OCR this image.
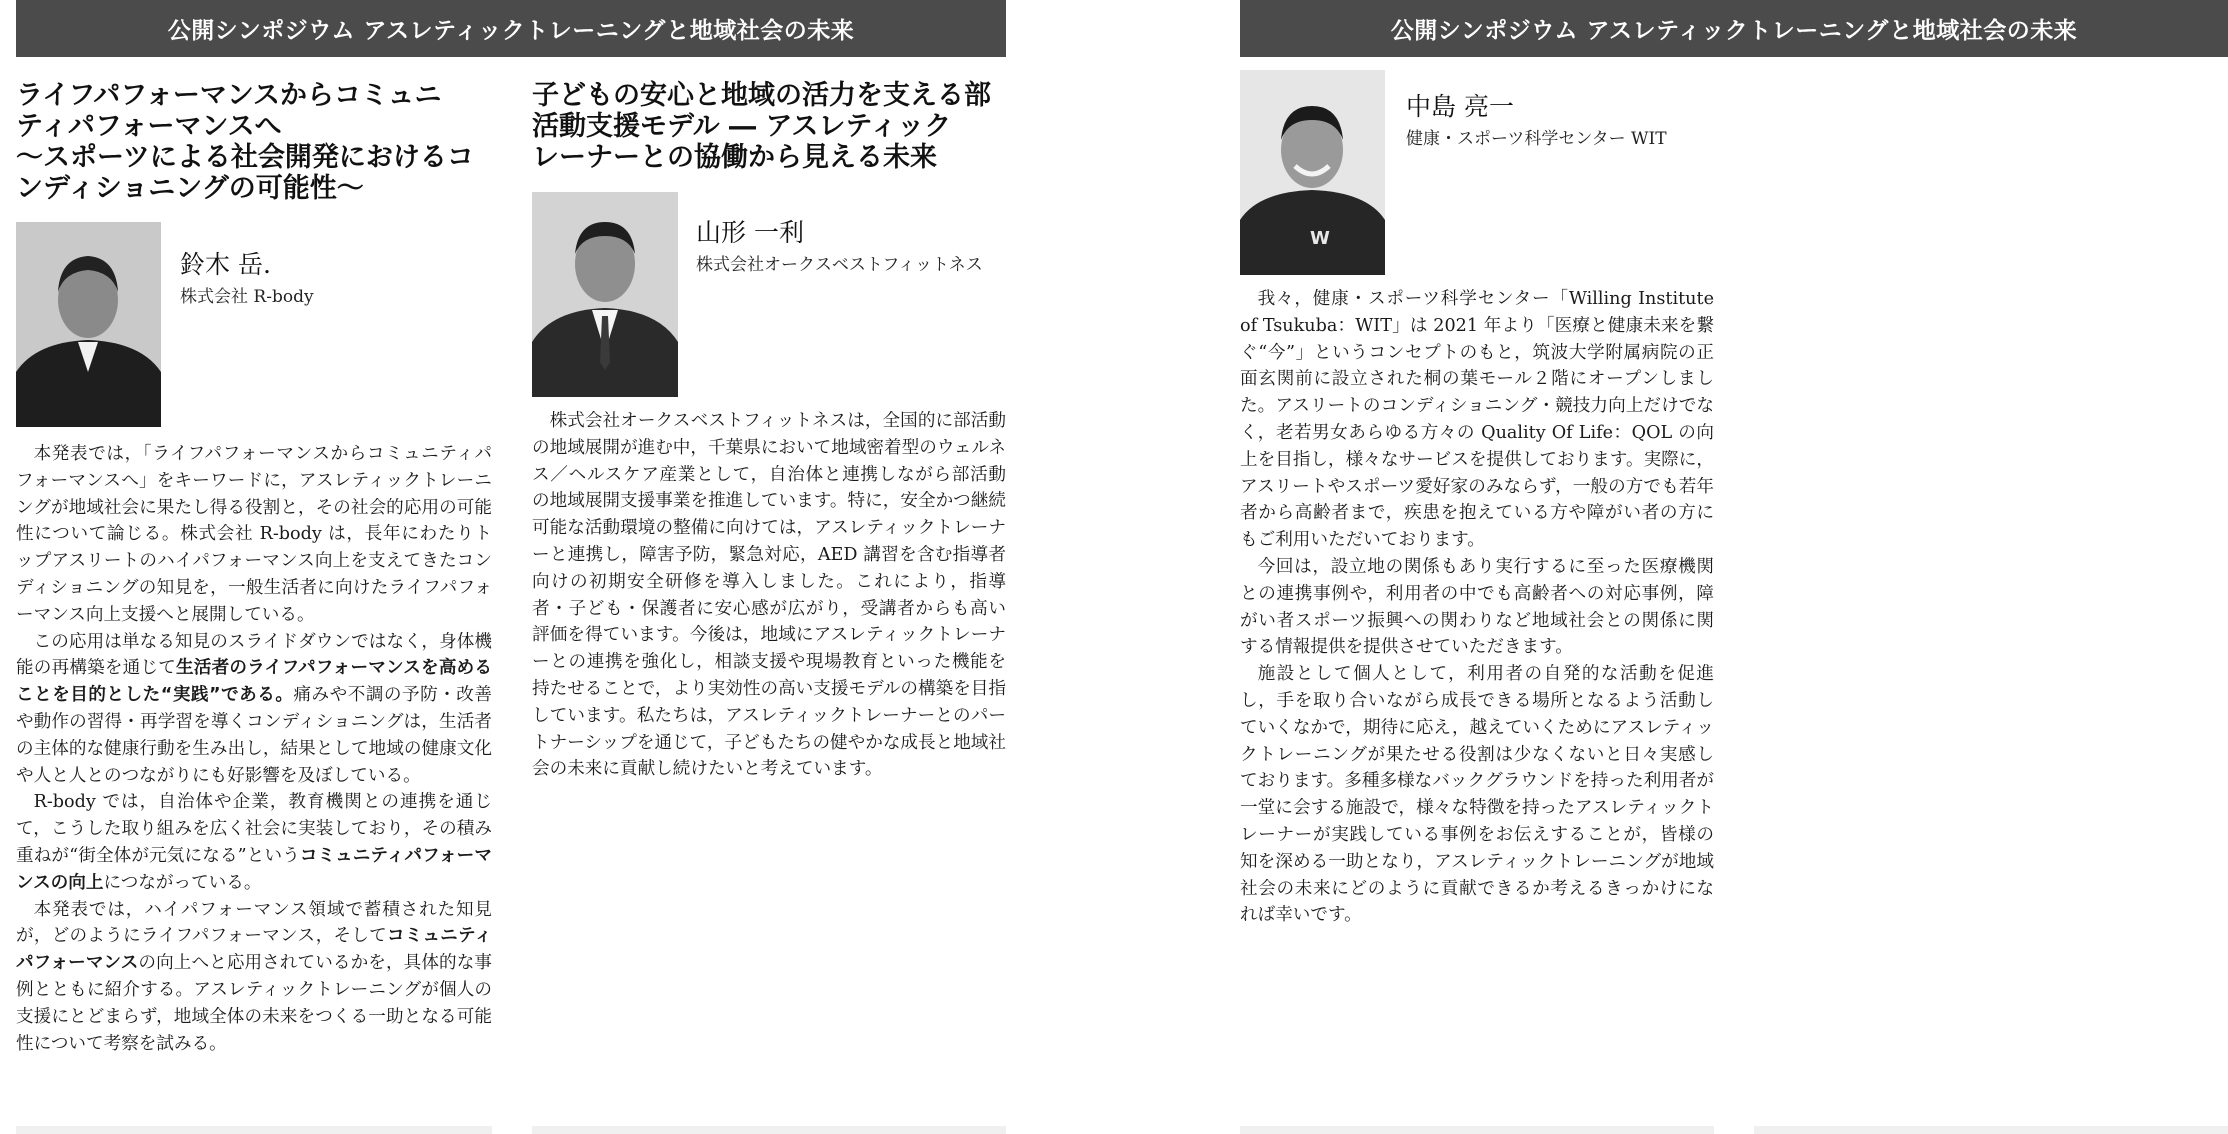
公開シンポジウム アスレティックトレーニングと地域社会の未来
ライフパフォーマンスからコミュニ
ティパフォーマンスへ
～スポーツによる社会開発におけるコ
ンディショニングの可能性～
鈴木 岳.
株式会社 R-body

本発表では，「ライフパフォーマンスからコミュニティパフォーマンスへ」をキーワードに，アスレティックトレーニングが地域社会に果たし得る役割と，その社会的応用の可能性について論じる。株式会社 R-body は，長年にわたりトップアスリートのハイパフォーマンス向上を支えてきたコンディショニングの知見を，一般生活者に向けたライフパフォーマンス向上支援へと展開している。

この応用は単なる知見のスライドダウンではなく，身体機能の再構築を通じて生活者のライフパフォーマンスを高めることを目的とした“実践”である。痛みや不調の予防・改善や動作の習得・再学習を導くコンディショニングは，生活者の主体的な健康行動を生み出し，結果として地域の健康文化や人と人とのつながりにも好影響を及ぼしている。

R-body では，自治体や企業，教育機関との連携を通じて，こうした取り組みを広く社会に実装しており，その積み重ねが“街全体が元気になる”というコミュニティパフォーマンスの向上につながっている。

本発表では，ハイパフォーマンス領域で蓄積された知見が，どのようにライフパフォーマンス，そしてコミュニティパフォーマンスの向上へと応用されているかを，具体的な事例とともに紹介する。アスレティックトレーニングが個人の支援にとどまらず，地域全体の未来をつくる一助となる可能性について考察を試みる。

子どもの安心と地域の活力を支える部
活動支援モデル ― アスレティック
レーナーとの協働から見える未来
山形 一利
株式会社オークスベストフィットネス

株式会社オークスベストフィットネスは，全国的に部活動の地域展開が進む中，千葉県において地域密着型のウェルネス／ヘルスケア産業として，自治体と連携しながら部活動の地域展開支援事業を推進しています。特に，安全かつ継続可能な活動環境の整備に向けては，アスレティックトレーナーと連携し，障害予防，緊急対応，AED 講習を含む指導者向けの初期安全研修を導入しました。これにより，指導者・子ども・保護者に安心感が広がり，受講者からも高い評価を得ています。今後は，地域にアスレティックトレーナーとの連携を強化し，相談支援や現場教育といった機能を持たせることで，より実効性の高い支援モデルの構築を目指しています。私たちは，アスレティックトレーナーとのパートナーシップを通じて，子どもたちの健やかな成長と地域社会の未来に貢献し続けたいと考えています。

公開シンポジウム アスレティックトレーニングと地域社会の未来
W
中島 亮一
健康・スポーツ科学センター WIT

我々，健康・スポーツ科学センター「Willing Institute of Tsukuba：WIT」は 2021 年より「医療と健康未来を繋ぐ“今”」というコンセプトのもと，筑波大学附属病院の正面玄関前に設立された桐の葉モール２階にオープンしました。アスリートのコンディショニング・競技力向上だけでなく，老若男女あらゆる方々の Quality Of Life：QOL の向上を目指し，様々なサービスを提供しております。実際に，アスリートやスポーツ愛好家のみならず，一般の方でも若年者から高齢者まで，疾患を抱えている方や障がい者の方にもご利用いただいております。

今回は，設立地の関係もあり実行するに至った医療機関との連携事例や，利用者の中でも高齢者への対応事例，障がい者スポーツ振興への関わりなど地域社会との関係に関する情報提供を提供させていただきます。

施設として個人として，利用者の自発的な活動を促進し，手を取り合いながら成長できる場所となるよう活動していくなかで，期待に応え，越えていくためにアスレティックトレーニングが果たせる役割は少なくないと日々実感しております。多種多様なバックグラウンドを持った利用者が一堂に会する施設で，様々な特徴を持ったアスレティックトレーナーが実践している事例をお伝えすることが，皆様の知を深める一助となり，アスレティックトレーニングが地域社会の未来にどのように貢献できるか考えるきっかけになれば幸いです。
